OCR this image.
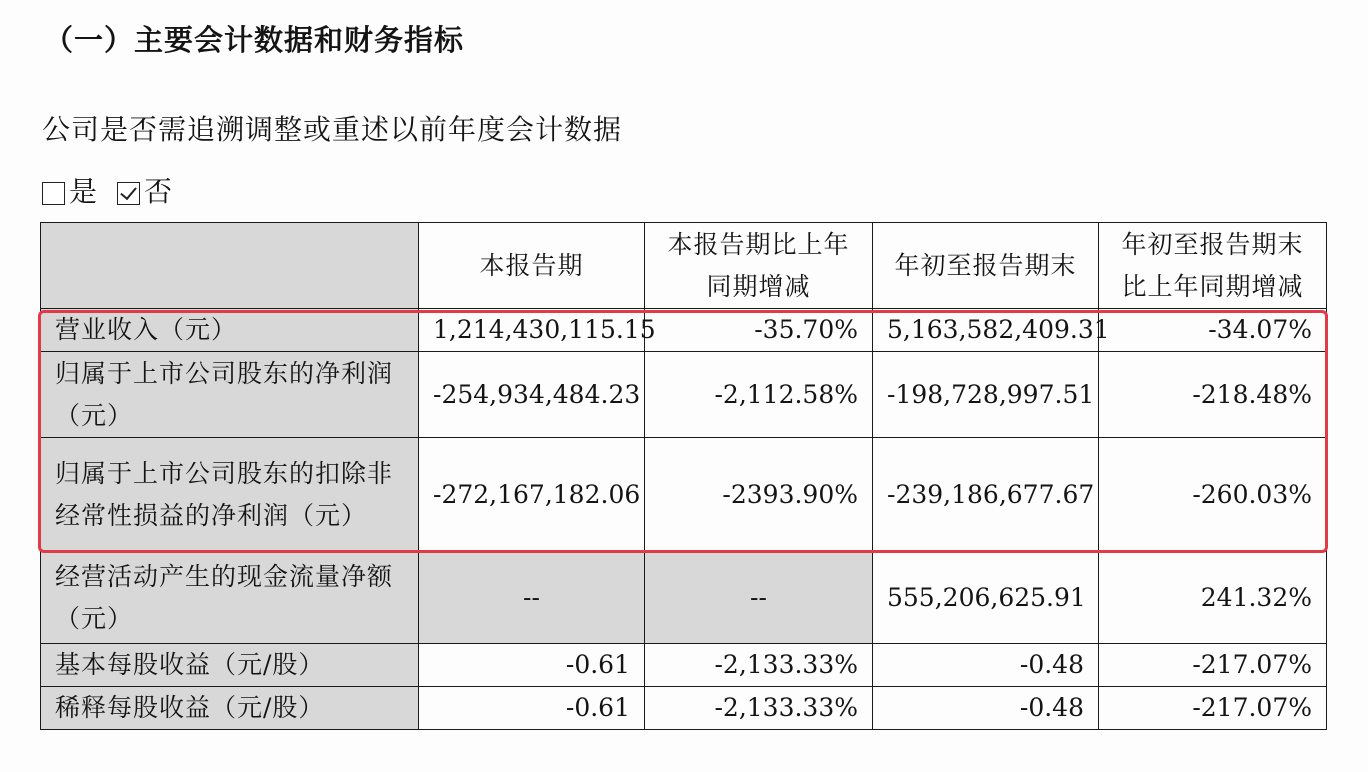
（一）主要会计数据和财务指标
公司是否需追溯调整或重述以前年度会计数据
是 否
	本报告期	本报告期比上年同期增减	年初至报告期末	年初至报告期末比上年同期增减
营业收入（元）	1,214,430,115.15	-35.70%	5,163,582,409.31	-34.07%
归属于上市公司股东的净利润（元）	-254,934,484.23	-2,112.58%	-198,728,997.51	-218.48%
归属于上市公司股东的扣除非经常性损益的净利润（元）	-272,167,182.06	-2393.90%	-239,186,677.67	-260.03%
经营活动产生的现金流量净额（元）	--	--	555,206,625.91	241.32%
基本每股收益（元/股）	-0.61	-2,133.33%	-0.48	-217.07%
稀释每股收益（元/股）	-0.61	-2,133.33%	-0.48	-217.07%
